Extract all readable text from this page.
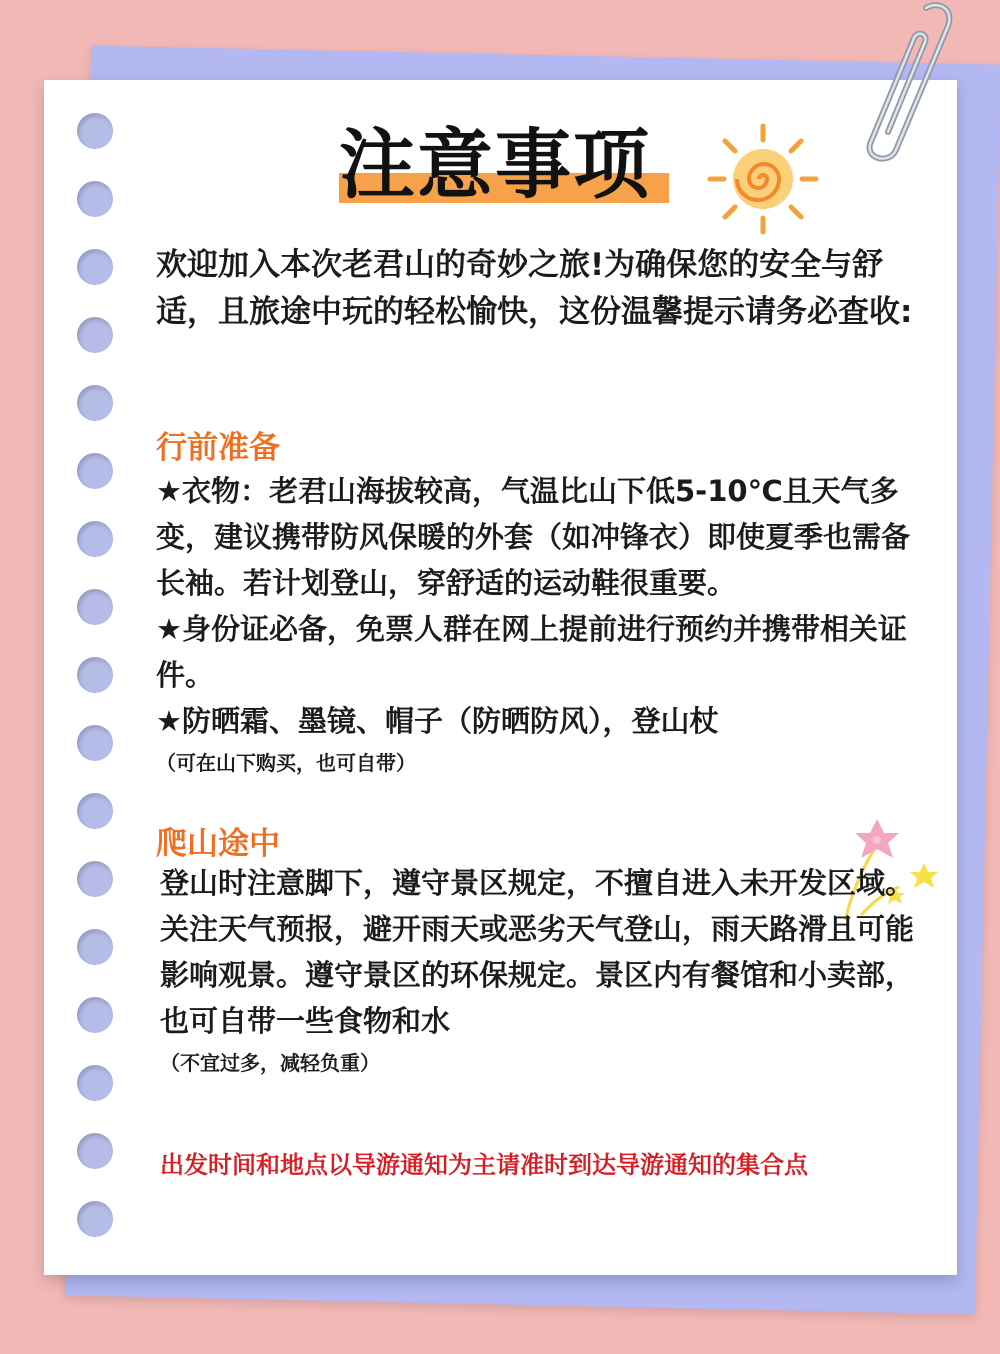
注意事项
欢迎加入本次老君山的奇妙之旅!为确保您的安全与舒适，且旅途中玩的轻松愉快，这份温馨提示请务必查收:
行前准备

★衣物：老君山海拔较高，气温比山下低5-10℃且天气多变，建议携带防风保暖的外套（如冲锋衣）即使夏季也需备长袖。若计划登山，穿舒适的运动鞋很重要。

★身份证必备，免票人群在网上提前进行预约并携带相关证件。

★防晒霜、墨镜、帽子（防晒防风），登山杖

（可在山下购买，也可自带）

爬山途中

登山时注意脚下，遵守景区规定，不擅自进入未开发区域。关注天气预报，避开雨天或恶劣天气登山，雨天路滑且可能影响观景。遵守景区的环保规定。景区内有餐馆和小卖部，也可自带一些食物和水

（不宜过多，减轻负重）

出发时间和地点以导游通知为主请准时到达导游通知的集合点
